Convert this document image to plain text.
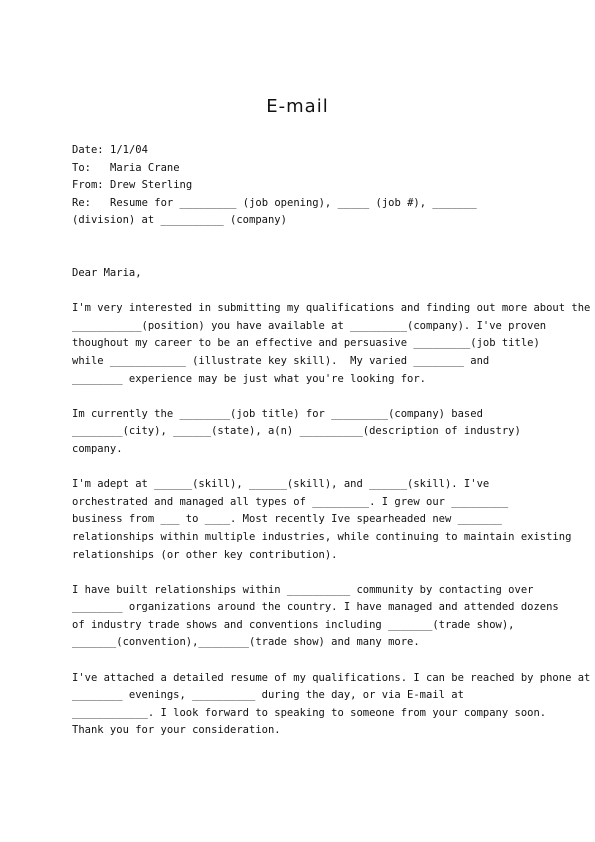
E-mail
Date: 1/1/04
To:	Maria Crane
From: Drew Sterling
Re:	Resume for _________ (job opening), _____ (job #), _______
(division) at __________ (company)
Dear Maria,
I'm very interested in submitting my qualifications and finding out more about the
___________(position) you have available at _________(company). I've proven
thoughout my career to be an effective and persuasive _________(job title)
while ____________ (illustrate key skill).  My varied ________ and
________ experience may be just what you're looking for.
Im currently the ________(job title) for _________(company) based
________(city), ______(state), a(n) __________(description of industry)
company.
I'm adept at ______(skill), ______(skill), and ______(skill). I've
orchestrated and managed all types of _________. I grew our _________
business from ___ to ____. Most recently Ive spearheaded new _______
relationships within multiple industries, while continuing to maintain existing
relationships (or other key contribution).
I have built relationships within __________ community by contacting over
________ organizations around the country. I have managed and attended dozens
of industry trade shows and conventions including _______(trade show),
_______(convention),________(trade show) and many more.
I've attached a detailed resume of my qualifications. I can be reached by phone at
________ evenings, __________ during the day, or via E-mail at
____________. I look forward to speaking to someone from your company soon.
Thank you for your consideration.
